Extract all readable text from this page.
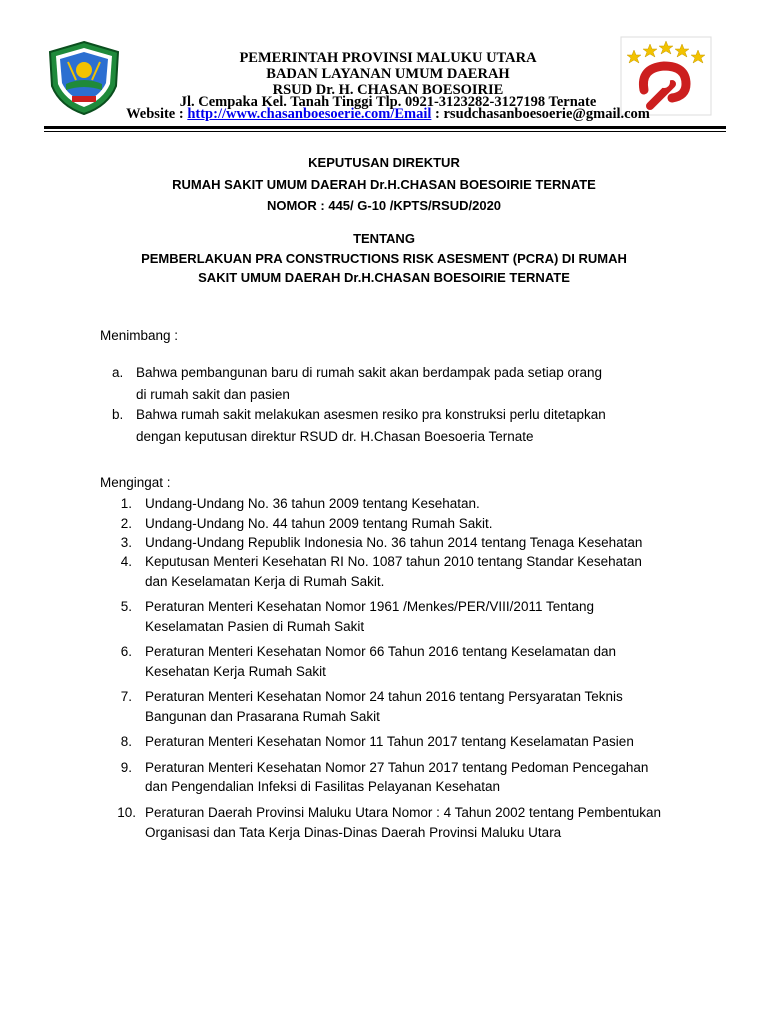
PEMERINTAH PROVINSI MALUKU UTARA
BADAN LAYANAN UMUM DAERAH
RSUD Dr. H. CHASAN BOESOIRIE
Jl. Cempaka Kel. Tanah Tinggi Tlp. 0921-3123282-3127198 Ternate
Website : http://www.chasanboesoerie.com/Email : rsudchasanboesoerie@gmail.com
KEPUTUSAN DIREKTUR
RUMAH SAKIT UMUM DAERAH Dr.H.CHASAN BOESOIRIE TERNATE
NOMOR : 445/ G-10 /KPTS/RSUD/2020
TENTANG
PEMBERLAKUAN PRA CONSTRUCTIONS RISK ASESMENT (PCRA) DI RUMAH
SAKIT UMUM DAERAH Dr.H.CHASAN BOESOIRIE TERNATE
Menimbang :
a. Bahwa pembangunan baru di rumah sakit akan berdampak pada setiap orang
di rumah sakit dan pasien
b. Bahwa rumah sakit melakukan asesmen resiko pra konstruksi perlu ditetapkan
dengan keputusan direktur RSUD dr. H.Chasan Boesoeria Ternate
Mengingat :
1. Undang-Undang No. 36 tahun 2009 tentang Kesehatan.
2. Undang-Undang No. 44 tahun 2009 tentang Rumah Sakit.
3. Undang-Undang Republik Indonesia No. 36 tahun 2014 tentang Tenaga Kesehatan
4. Keputusan Menteri Kesehatan RI No. 1087 tahun 2010 tentang Standar Kesehatan
dan Keselamatan Kerja di Rumah Sakit.
5. Peraturan Menteri Kesehatan Nomor 1961 /Menkes/PER/VIII/2011 Tentang
Keselamatan Pasien di Rumah Sakit
6. Peraturan Menteri Kesehatan Nomor 66 Tahun 2016 tentang Keselamatan dan
Kesehatan Kerja Rumah Sakit
7. Peraturan Menteri Kesehatan Nomor 24 tahun 2016 tentang Persyaratan Teknis
Bangunan dan Prasarana Rumah Sakit
8. Peraturan Menteri Kesehatan Nomor 11 Tahun 2017 tentang Keselamatan Pasien
9. Peraturan Menteri Kesehatan Nomor 27 Tahun 2017 tentang Pedoman Pencegahan
dan Pengendalian Infeksi di Fasilitas Pelayanan Kesehatan
10. Peraturan Daerah Provinsi Maluku Utara Nomor : 4 Tahun 2002 tentang Pembentukan
Organisasi dan Tata Kerja Dinas-Dinas Daerah Provinsi Maluku Utara
